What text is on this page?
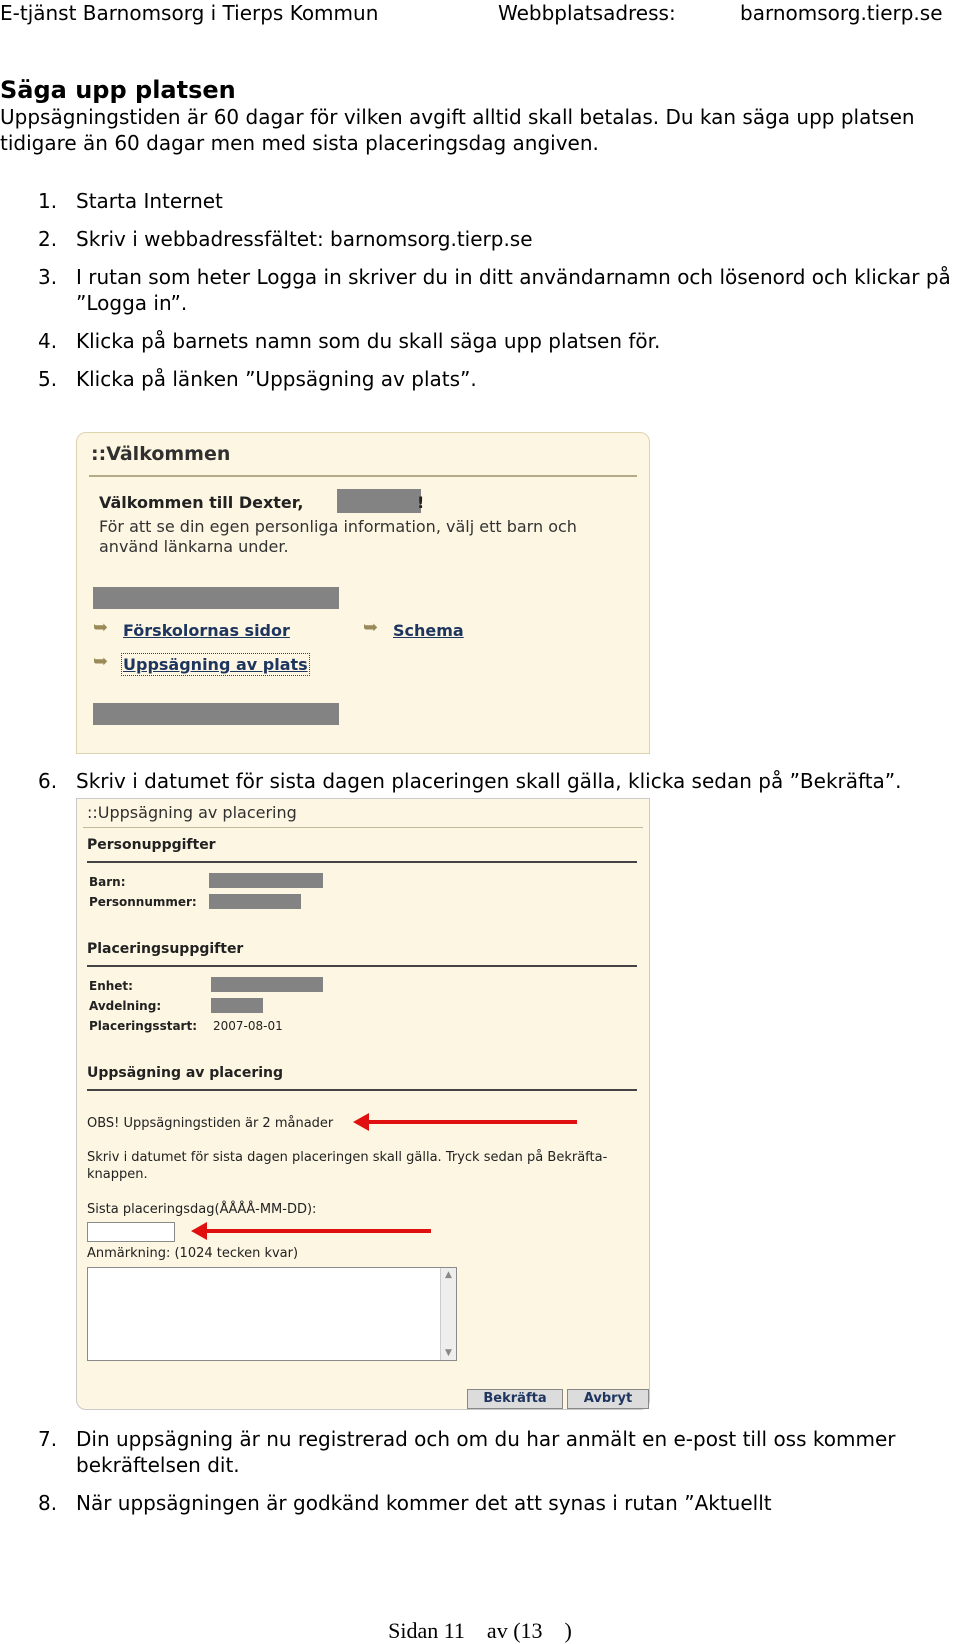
E-tjänst Barnomsorg i Tierps Kommun	Webbplatsadress:	barnomsorg.tierp.se
Säga upp platsen

Uppsägningstiden är 60 dagar för vilken avgift alltid skall betalas. Du kan säga upp platsen tidigare än 60 dagar men med sista placeringsdag angiven.

1. Starta Internet
2. Skriv i webbadressfältet: barnomsorg.tierp.se
3. I rutan som heter Logga in skriver du in ditt användarnamn och lösenord och klickar på ”Logga in”.
4. Klicka på barnets namn som du skall säga upp platsen för.
5. Klicka på länken ”Uppsägning av plats”.
::Välkommen
Välkommen till Dexter,	!
För att se din egen personliga information, välj ett barn och använd länkarna under.
➥ Förskolornas sidor	➥ Schema
➥ Uppsägning av plats
6. Skriv i datumet för sista dagen placeringen skall gälla, klicka sedan på ”Bekräfta”.
::Uppsägning av placering
Personuppgifter
Barn:
Personnummer:
Placeringsuppgifter
Enhet:
Avdelning:
Placeringsstart: 2007-08-01
Uppsägning av placering
OBS! Uppsägningstiden är 2 månader
Skriv i datumet för sista dagen placeringen skall gälla. Tryck sedan på Bekräfta-knappen.
Sista placeringsdag(ÅÅÅÅ-MM-DD):
Anmärkning: (1024 tecken kvar)
▲
▼
Bekräfta	Avbryt
7. Din uppsägning är nu registrerad och om du har anmält en e-post till oss kommer bekräftelsen dit.
8. När uppsägningen är godkänd kommer det att synas i rutan ”Aktuellt
Sidan 11    av (13    )
